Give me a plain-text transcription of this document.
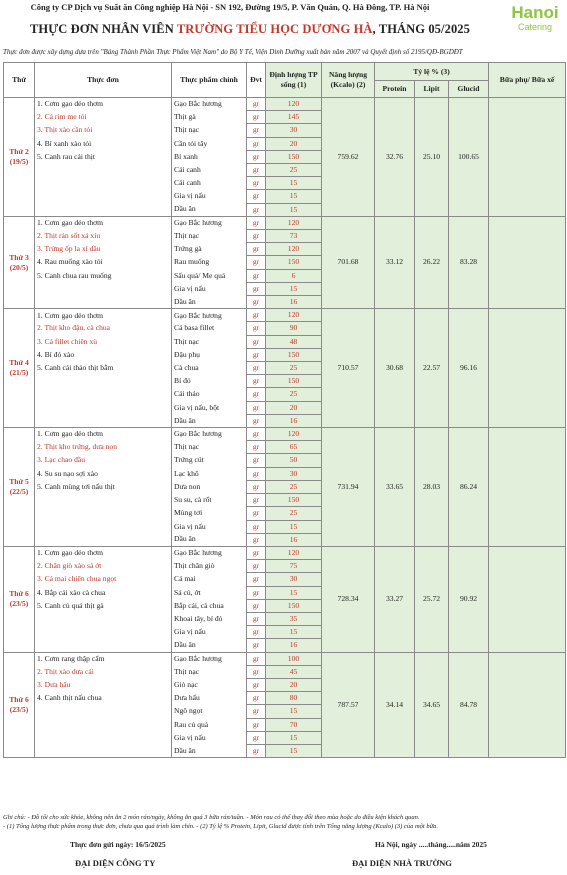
Công ty CP Dịch vụ Suất ăn Công nghiệp Hà Nội - SN 192, Đường 19/5, P. Văn Quán, Q. Hà Đông, TP. Hà Nội
THỰC ĐƠN NHÂN VIÊN TRƯỜNG TIỂU HỌC DƯƠNG HÀ, THÁNG 05/2025
Hanoi
Catering
Thực đơn được xây dựng dựa trên "Bảng Thành Phần Thực Phẩm Việt Nam" do Bộ Y Tế, Viện Dinh Dưỡng xuất bản năm 2007 và Quyết định số 2195/QĐ-BGDĐT
Thứ	Thực đơn	Thực phẩm chính	Đvt	Định lượng TP sống (1)	Năng lượng (Kcalo) (2)	Tỷ lệ % (3)			Bữa phụ/ Bữa xế
						Protein	Lipit	Glucid	
Thứ 2 (19/5)	1. Cơm gạo dẻo thơm	Gạo Bắc hương	gr	120	759.62	32.76	25.10	100.65	
	2. Cá rim me tỏi	Thịt gà	gr	145					
	3. Thịt xào cần tỏi	Thịt nạc	gr	30					
	4. Bí xanh xào tỏi	Cần tỏi tây	gr	20					
	5. Canh rau cải thịt	Bí xanh	gr	150					
		Cải canh	gr	25					
		Cải canh	gr	15					
		Gia vị nấu	gr	15					
		Dầu ăn	gr	15					
Thứ 3 (20/5)	1. Cơm gạo dẻo thơm	Gạo Bắc hương	gr	120	701.68	33.12	26.22	83.28	
	2. Thịt rán sốt xá xíu	Thịt nạc	gr	73					
	3. Trứng ốp la xì dầu	Trứng gà	gr	120					
	4. Rau muống xào tỏi	Rau muống	gr	150					
	5. Canh chua rau muống	Sấu quả/ Me quả	gr	6					
		Gia vị nấu	gr	15					
		Dầu ăn	gr	16					
Thứ 4 (21/5)	1. Cơm gạo dẻo thơm	Gạo Bắc hương	gr	120	710.57	30.68	22.57	96.16	
	2. Thịt kho đậu, cà chua	Cá basa fillet	gr	90					
	3. Cá fillet chiên xù	Thịt nạc	gr	48					
	4. Bí đỏ xào	Đậu phụ	gr	150					
	5. Canh cải thảo thịt bằm	Cà chua	gr	25					
		Bí đỏ	gr	150					
		Cải thảo	gr	25					
		Gia vị nấu, bột	gr	20					
		Dầu ăn	gr	16					
Thứ 5 (22/5)	1. Cơm gạo dẻo thơm	Gạo Bắc hương	gr	120	731.94	33.65	28.03	86.24	
	2. Thịt kho trứng, dưa non	Thịt nạc	gr	65					
	3. Lạc chao đầu	Trứng cút	gr	50					
	4. Su su nạo sợi xào	Lạc khô	gr	30					
	5. Canh mùng tơi nấu thịt	Dưa non	gr	25					
		Su su, cà rốt	gr	150					
		Mùng tơi	gr	25					
		Gia vị nấu	gr	15					
		Dầu ăn	gr	16					
Thứ 6 (23/5)	1. Cơm gạo dẻo thơm	Gạo Bắc hương	gr	120	728.34	33.27	25.72	90.92	
	2. Chân giò xào sả ớt	Thịt chân giò	gr	75					
	3. Cá mai chiên chua ngọt	Cá mai	gr	30					
	4. Bắp cải xào cà chua	Sả củ, ớt	gr	15					
	5. Canh củ quả thịt gà	Bắp cải, cà chua	gr	150					
		Khoai tây, bí đỏ	gr	35					
		Gia vị nấu	gr	15					
		Dầu ăn	gr	16					
Thứ 6 (23/5)	1. Cơm rang thập cẩm	Gạo Bắc hương	gr	100	787.57	34.14	34.65	84.78	
	2. Thịt xào dưa cải	Thịt nạc	gr	45					
	3. Dưa hấu	Giò nạc	gr	20					
	4. Canh thịt nấu chua	Dưa hấu	gr	80					
		Ngô ngọt	gr	15					
		Rau củ quả	gr	70					
		Gia vị nấu	gr	15					
		Dầu ăn	gr	15					
Ghi chú: - Đồ tối cho sức khỏe, không nên ăn 2 món rán/ngày, không ăn quá 3 bữa rán/tuần. - Món rau có thể thay đổi theo mùa hoặc do điều kiện khách quan.
- (1) Tổng lượng thực phẩm trong thực đơn, chưa qua quá trình làm chín. - (2) Tỷ lệ % Protein, Lipit, Glucid được tính trên Tổng năng lượng (Kcalo) (3) của một bữa.
Thực đơn gửi ngày: 16/5/2025	Hà Nội, ngày .....tháng.....năm 2025
ĐẠI DIỆN CÔNG TY	ĐẠI DIỆN NHÀ TRƯỜNG
